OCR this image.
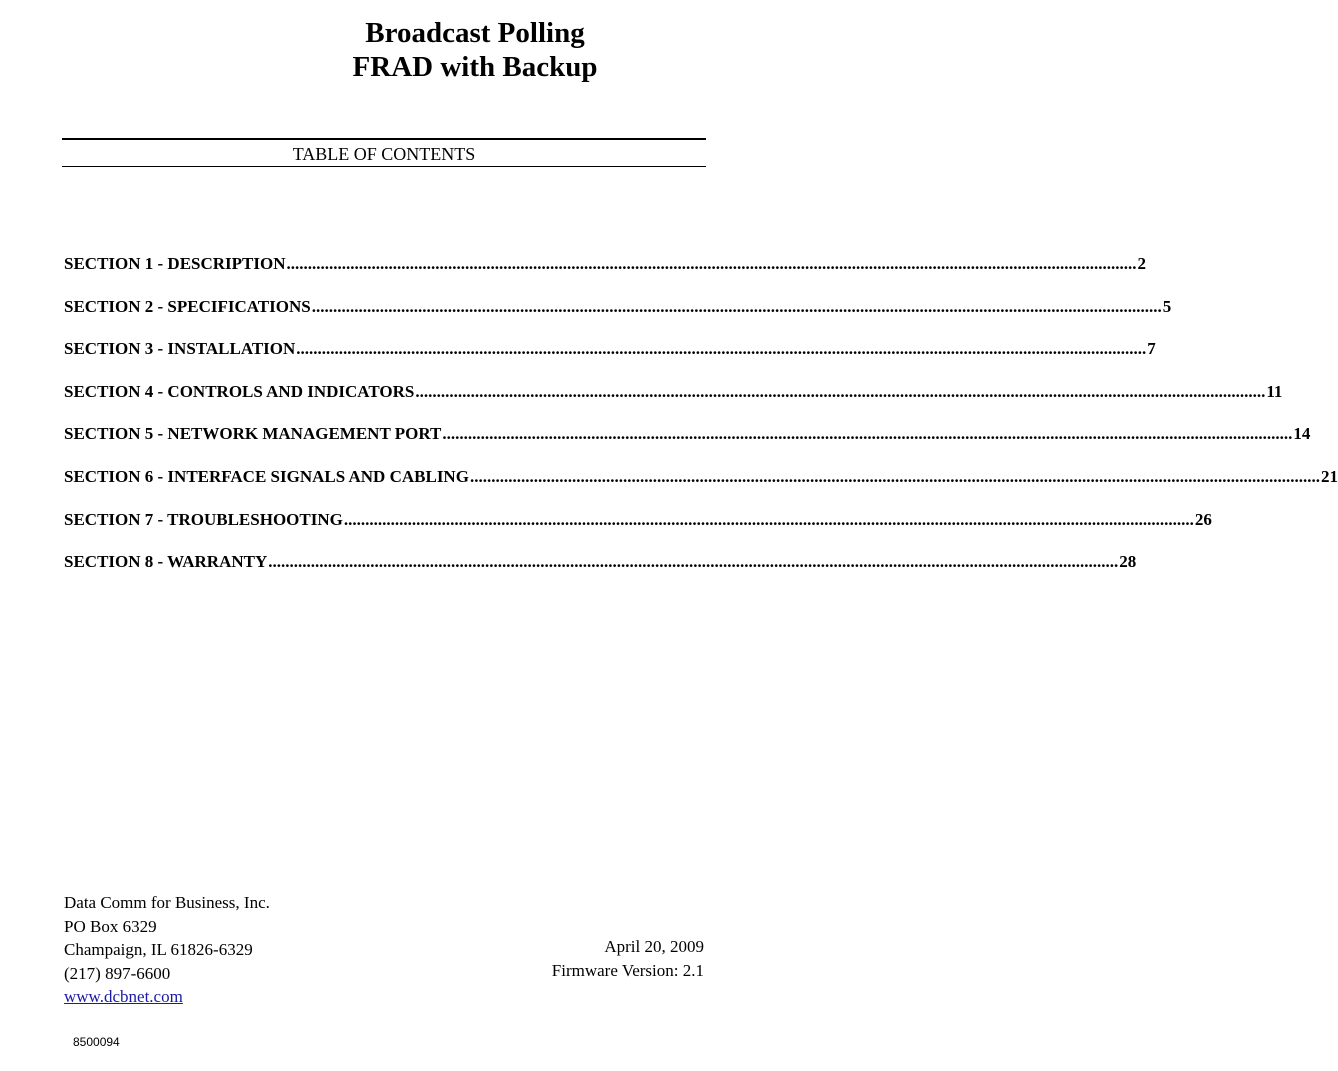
Broadcast Polling
FRAD with Backup
TABLE OF CONTENTS
SECTION 1 - DESCRIPTION ........................................................................................................................................................................................................ 2
SECTION 2 - SPECIFICATIONS ........................................................................................................................................................................................................ 5
SECTION 3 - INSTALLATION ........................................................................................................................................................................................................ 7
SECTION 4 - CONTROLS AND INDICATORS ........................................................................................................................................................................................................ 11
SECTION 5 - NETWORK MANAGEMENT PORT ........................................................................................................................................................................................................ 14
SECTION 6 - INTERFACE SIGNALS AND CABLING ........................................................................................................................................................................................................ 21
SECTION 7 - TROUBLESHOOTING ........................................................................................................................................................................................................ 26
SECTION 8 - WARRANTY ........................................................................................................................................................................................................ 28
Data Comm for Business, Inc.
PO Box 6329
Champaign, IL 61826-6329
(217) 897-6600
www.dcbnet.com
April 20, 2009
Firmware Version: 2.1
8500094
